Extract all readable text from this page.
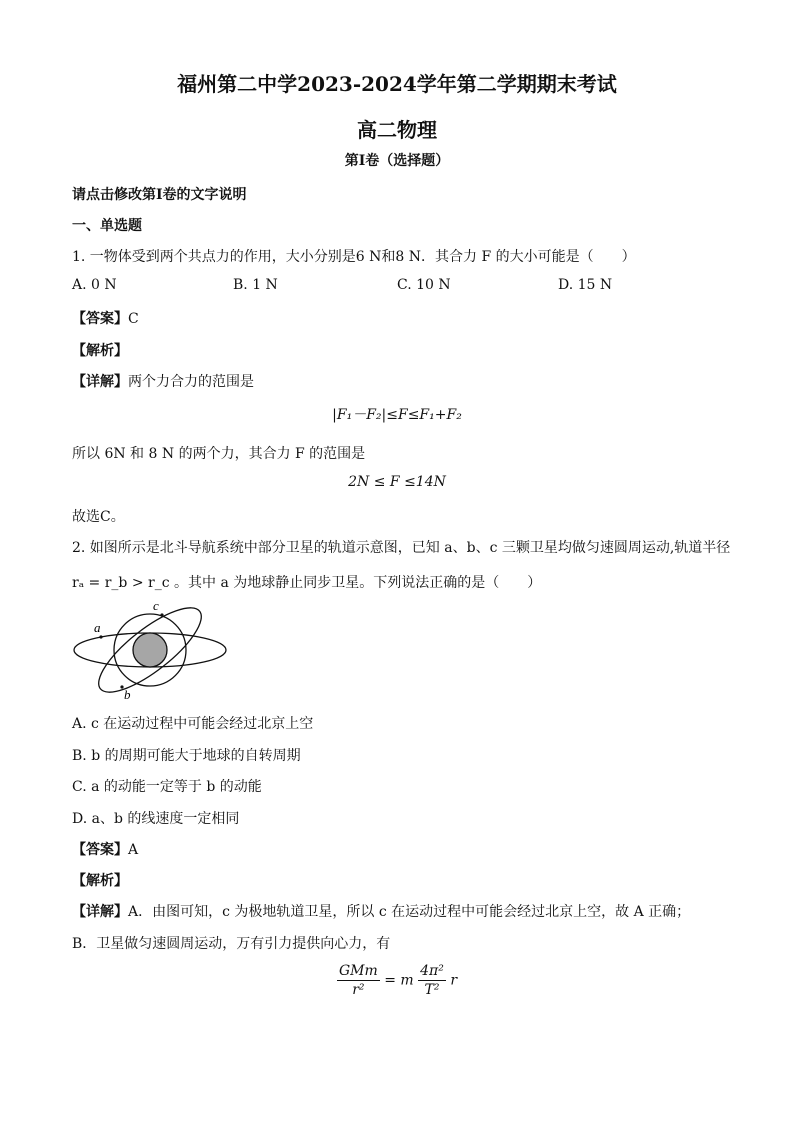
福州第二中学2023-2024学年第二学期期末考试
高二物理
第I卷（选择题）
请点击修改第I卷的文字说明
一、单选题
1. 一物体受到两个共点力的作用，大小分别是6 N和8 N．其合力 F 的大小可能是（　　）
A. 0 N	B. 1 N	C. 10 N	D. 15 N
【答案】C
【解析】
【详解】两个力合力的范围是
|F₁－F₂|≤F≤F₁+F₂
所以 6N 和 8 N 的两个力，其合力 F 的范围是
2N ≤ F ≤14N
故选C。
2. 如图所示是北斗导航系统中部分卫星的轨道示意图，已知 a、b、c 三颗卫星均做匀速圆周运动,轨道半径
rₐ = r_b > r_c 。其中 a 为地球静止同步卫星。下列说法正确的是（　　）
a
b
c
A. c 在运动过程中可能会经过北京上空
B. b 的周期可能大于地球的自转周期
C. a 的动能一定等于 b 的动能
D. a、b 的线速度一定相同
【答案】A
【解析】
【详解】A．由图可知，c 为极地轨道卫星，所以 c 在运动过程中可能会经过北京上空，故 A 正确；
B．卫星做匀速圆周运动，万有引力提供向心力，有
$\frac{\text{GMm}}{\text{r²}} = m \frac{\text{4π²}}{\text{T²}}$ r
